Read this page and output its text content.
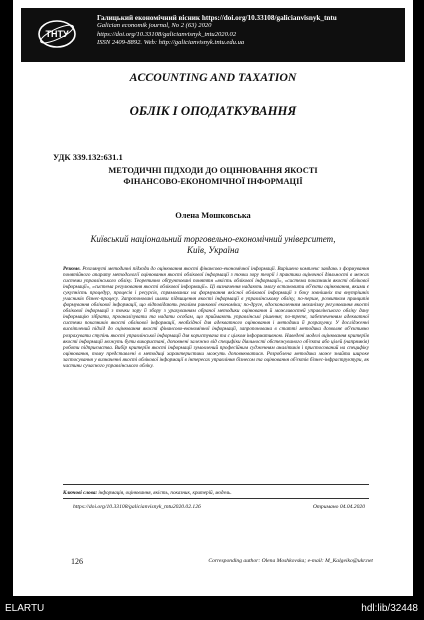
ТНТУ
Галицький економічний вісник https://doi.org/10.33108/galicianvisnyk_tntu
Galician economik journal, No 2 (63) 2020
https://doi.org/10.33108/galicianvisnyk_tntu2020.02
ISSN 2409-8892. Web: http://galicianvisnyk.tntu.edu.ua
ACCOUNTING AND TAXATION
ОБЛІК І ОПОДАТКУВАННЯ
УДК 339.132:631.1
МЕТОДИЧНІ ПІДХОДИ ДО ОЦІНЮВАННЯ ЯКОСТІ
ФІНАНСОВО-ЕКОНОМІЧНОЇ ІНФОРМАЦІЇ
Олена Мошковська
Київський національний торговельно-економічний університет,
Київ, Україна
Резюме. Розглянуті методичні підходи до оцінювання якості фінансово-економічної інформації. Вирішено комплекс завдань з формування понятійного апарату методології оцінювання якості облікової інформації з точки зору теорії і практики оціночної діяльності в межах системи управлінського обліку. Теоретично обґрунтовані поняття «якість облікової інформації», «система показників якості облікової інформації», «система регулювання якості облікової інформації». Ці визначення надають змогу встановити об'єкти оцінювання, якими є сукупність процедур, процесів і ресурсів, спрямованих на формування якісної облікової інформації з боку зовнішніх та внутрішніх учасників бізнес-процесу. Запропоновані шляхи підвищення якості інформації в управлінському обліку, по-перше, розвитком принципів формування облікової інформації, що відповідають реаліям ринкової економіки; по-друге, вдосконаленням механізму регулювання якості облікової інформації з точки зору її збору з урахуванням обраної методики оцінювання й можливостей управлінського обліку дану інформацію зібрати, проаналізувати та надати особам, що приймають управлінські рішення; по-третє, забезпеченням адекватної системи показників якості облікової інформації, необхідної для адекватного оцінювання і методики її розрахунку. У дослідженні висвітлений підхід до оцінювання якості фінансово-економічної інформації, запропонована в статті методика дозволяє об'єктивно розрахувати ступінь якості управлінської інформації для користувача та с цілком інформативною. Наведені моделі оцінювання критеріїв якості інформації можуть бути використані, доповнені залежно від специфіки діяльності обстежуваного об'єкта або цілей (напрямків) роботи підприємства. Вибір критеріїв якості інформації зумовлений професійним судженням аналітиків і пристосований на специфіку оцінювання, тому представлені в методиці характеристики можуть доповнюватися. Розроблена методика може знайти широке застосування у визначенні якості облікової інформації в інтересах управління бізнесом та оцінювання об'єктів бізнес-інфраструктури, як частини сучасного управлінського обліку.
Ключові слова: інформація, оцінювання, якість, показник, критерій, модель.
https://doi.org/10.33108/galicianvisnyk_tntu2020.02.126	Отримано 04.04.2020
126	Corresponding author: Olena Moshkovska; e-mail: M_Kalgeiko@ukr.net
ELARTU	hdl:lib/32448
